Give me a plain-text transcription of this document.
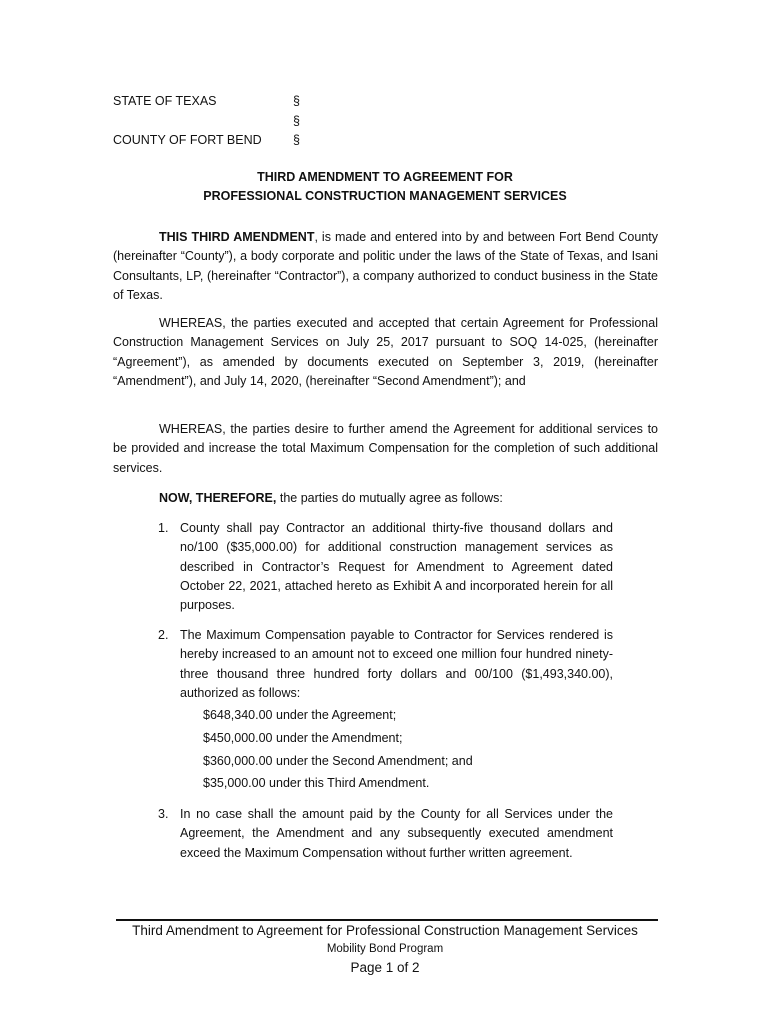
STATE OF TEXAS
COUNTY OF FORT BEND
§
§
§
THIRD AMENDMENT TO AGREEMENT FOR
PROFESSIONAL CONSTRUCTION MANAGEMENT SERVICES

THIS THIRD AMENDMENT, is made and entered into by and between Fort Bend County (hereinafter “County”), a body corporate and politic under the laws of the State of Texas, and Isani Consultants, LP, (hereinafter “Contractor”), a company authorized to conduct business in the State of Texas.

WHEREAS, the parties executed and accepted that certain Agreement for Professional Construction Management Services on July 25, 2017 pursuant to SOQ 14-025, (hereinafter “Agreement”), as amended by documents executed on September 3, 2019, (hereinafter “Amendment”), and July 14, 2020, (hereinafter “Second Amendment”); and

WHEREAS, the parties desire to further amend the Agreement for additional services to be provided and increase the total Maximum Compensation for the completion of such additional services.

NOW, THEREFORE, the parties do mutually agree as follows:

1. County shall pay Contractor an additional thirty-five thousand dollars and no/100 ($35,000.00) for additional construction management services as described in Contractor’s Request for Amendment to Agreement dated October 22, 2021, attached hereto as Exhibit A and incorporated herein for all purposes.

2. The Maximum Compensation payable to Contractor for Services rendered is hereby increased to an amount not to exceed one million four hundred ninety-three thousand three hundred forty dollars and 00/100 ($1,493,340.00), authorized as follows:

$648,340.00 under the Agreement;
$450,000.00 under the Amendment;
$360,000.00 under the Second Amendment; and
$35,000.00 under this Third Amendment.
3. In no case shall the amount paid by the County for all Services under the Agreement, the Amendment and any subsequently executed amendment exceed the Maximum Compensation without further written agreement.

Third Amendment to Agreement for Professional Construction Management Services
Mobility Bond Program
Page 1 of 2
